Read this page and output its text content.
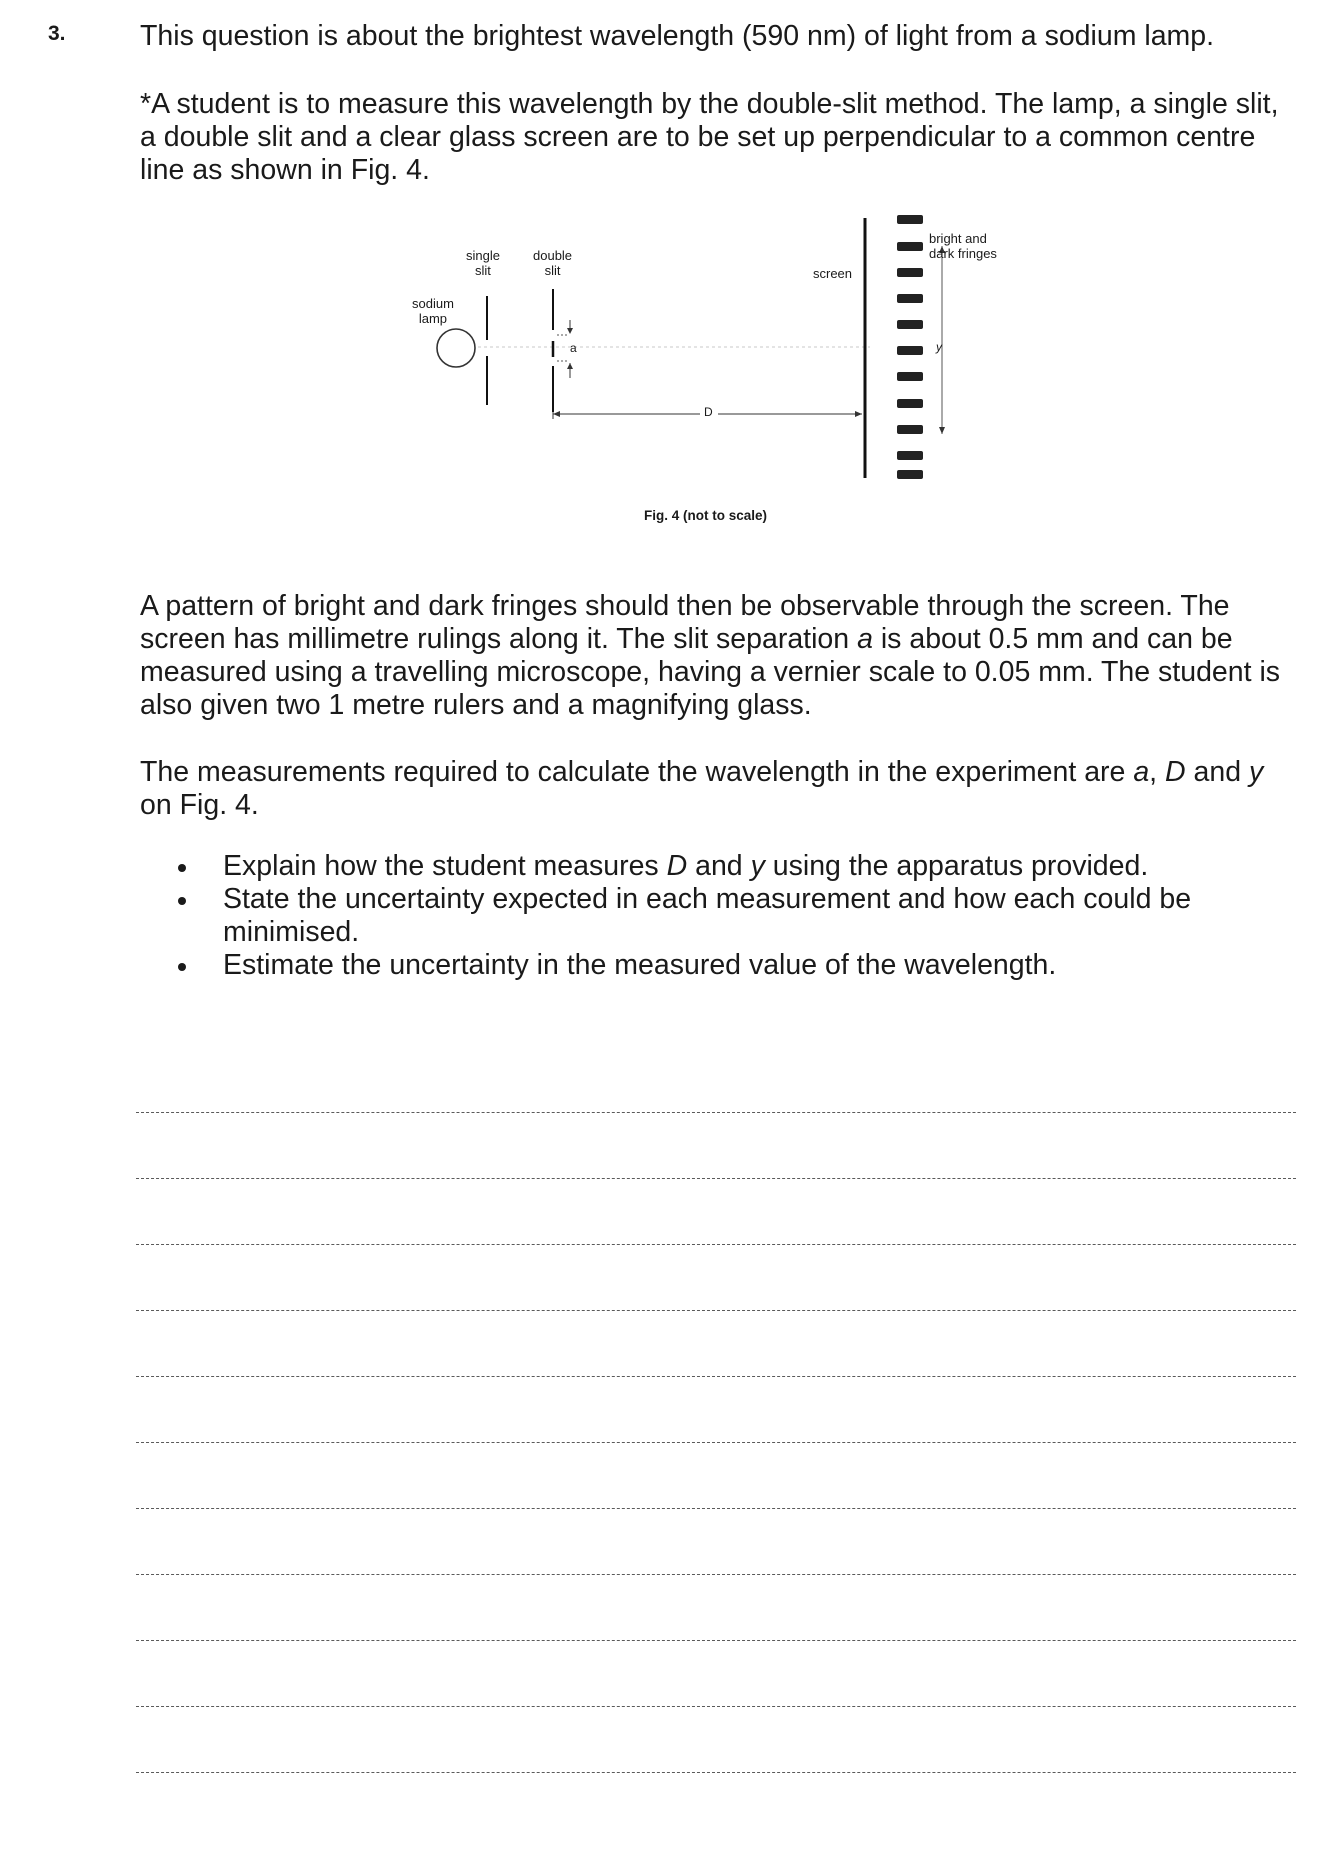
3.	This question is about the brightest wavelength (590 nm) of light from a sodium lamp.

*A student is to measure this wavelength by the double-slit method. The lamp, a single slit, a double slit and a clear glass screen are to be set up perpendicular to a common centre line as shown in Fig. 4.

single
slit
double
slit
sodium
lamp
screen
bright and
dark fringes
a
D
y
Fig. 4 (not to scale)

A pattern of bright and dark fringes should then be observable through the screen. The screen has millimetre rulings along it. The slit separation a is about 0.5 mm and can be measured using a travelling microscope, having a vernier scale to 0.05 mm. The student is also given two 1 metre rulers and a magnifying glass.

The measurements required to calculate the wavelength in the experiment are a, D and y on Fig. 4.

Explain how the student measures D and y using the apparatus provided.
State the uncertainty expected in each measurement and how each could be minimised.
Estimate the uncertainty in the measured value of the wavelength.
